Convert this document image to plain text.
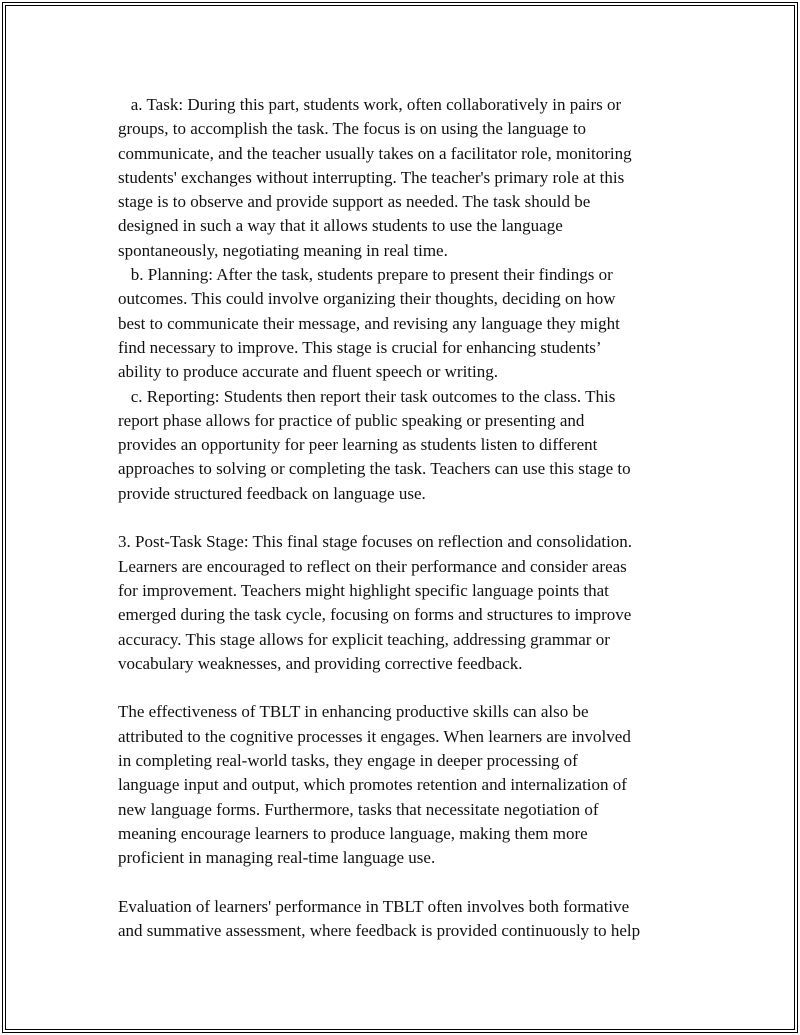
a. Task: During this part, students work, often collaboratively in pairs or
groups, to accomplish the task. The focus is on using the language to
communicate, and the teacher usually takes on a facilitator role, monitoring
students' exchanges without interrupting. The teacher's primary role at this
stage is to observe and provide support as needed. The task should be
designed in such a way that it allows students to use the language
spontaneously, negotiating meaning in real time.
b. Planning: After the task, students prepare to present their findings or
outcomes. This could involve organizing their thoughts, deciding on how
best to communicate their message, and revising any language they might
find necessary to improve. This stage is crucial for enhancing students’
ability to produce accurate and fluent speech or writing.
c. Reporting: Students then report their task outcomes to the class. This
report phase allows for practice of public speaking or presenting and
provides an opportunity for peer learning as students listen to different
approaches to solving or completing the task. Teachers can use this stage to
provide structured feedback on language use.
3. Post-Task Stage: This final stage focuses on reflection and consolidation.
Learners are encouraged to reflect on their performance and consider areas
for improvement. Teachers might highlight specific language points that
emerged during the task cycle, focusing on forms and structures to improve
accuracy. This stage allows for explicit teaching, addressing grammar or
vocabulary weaknesses, and providing corrective feedback.
The effectiveness of TBLT in enhancing productive skills can also be
attributed to the cognitive processes it engages. When learners are involved
in completing real-world tasks, they engage in deeper processing of
language input and output, which promotes retention and internalization of
new language forms. Furthermore, tasks that necessitate negotiation of
meaning encourage learners to produce language, making them more
proficient in managing real-time language use.
Evaluation of learners' performance in TBLT often involves both formative
and summative assessment, where feedback is provided continuously to help
